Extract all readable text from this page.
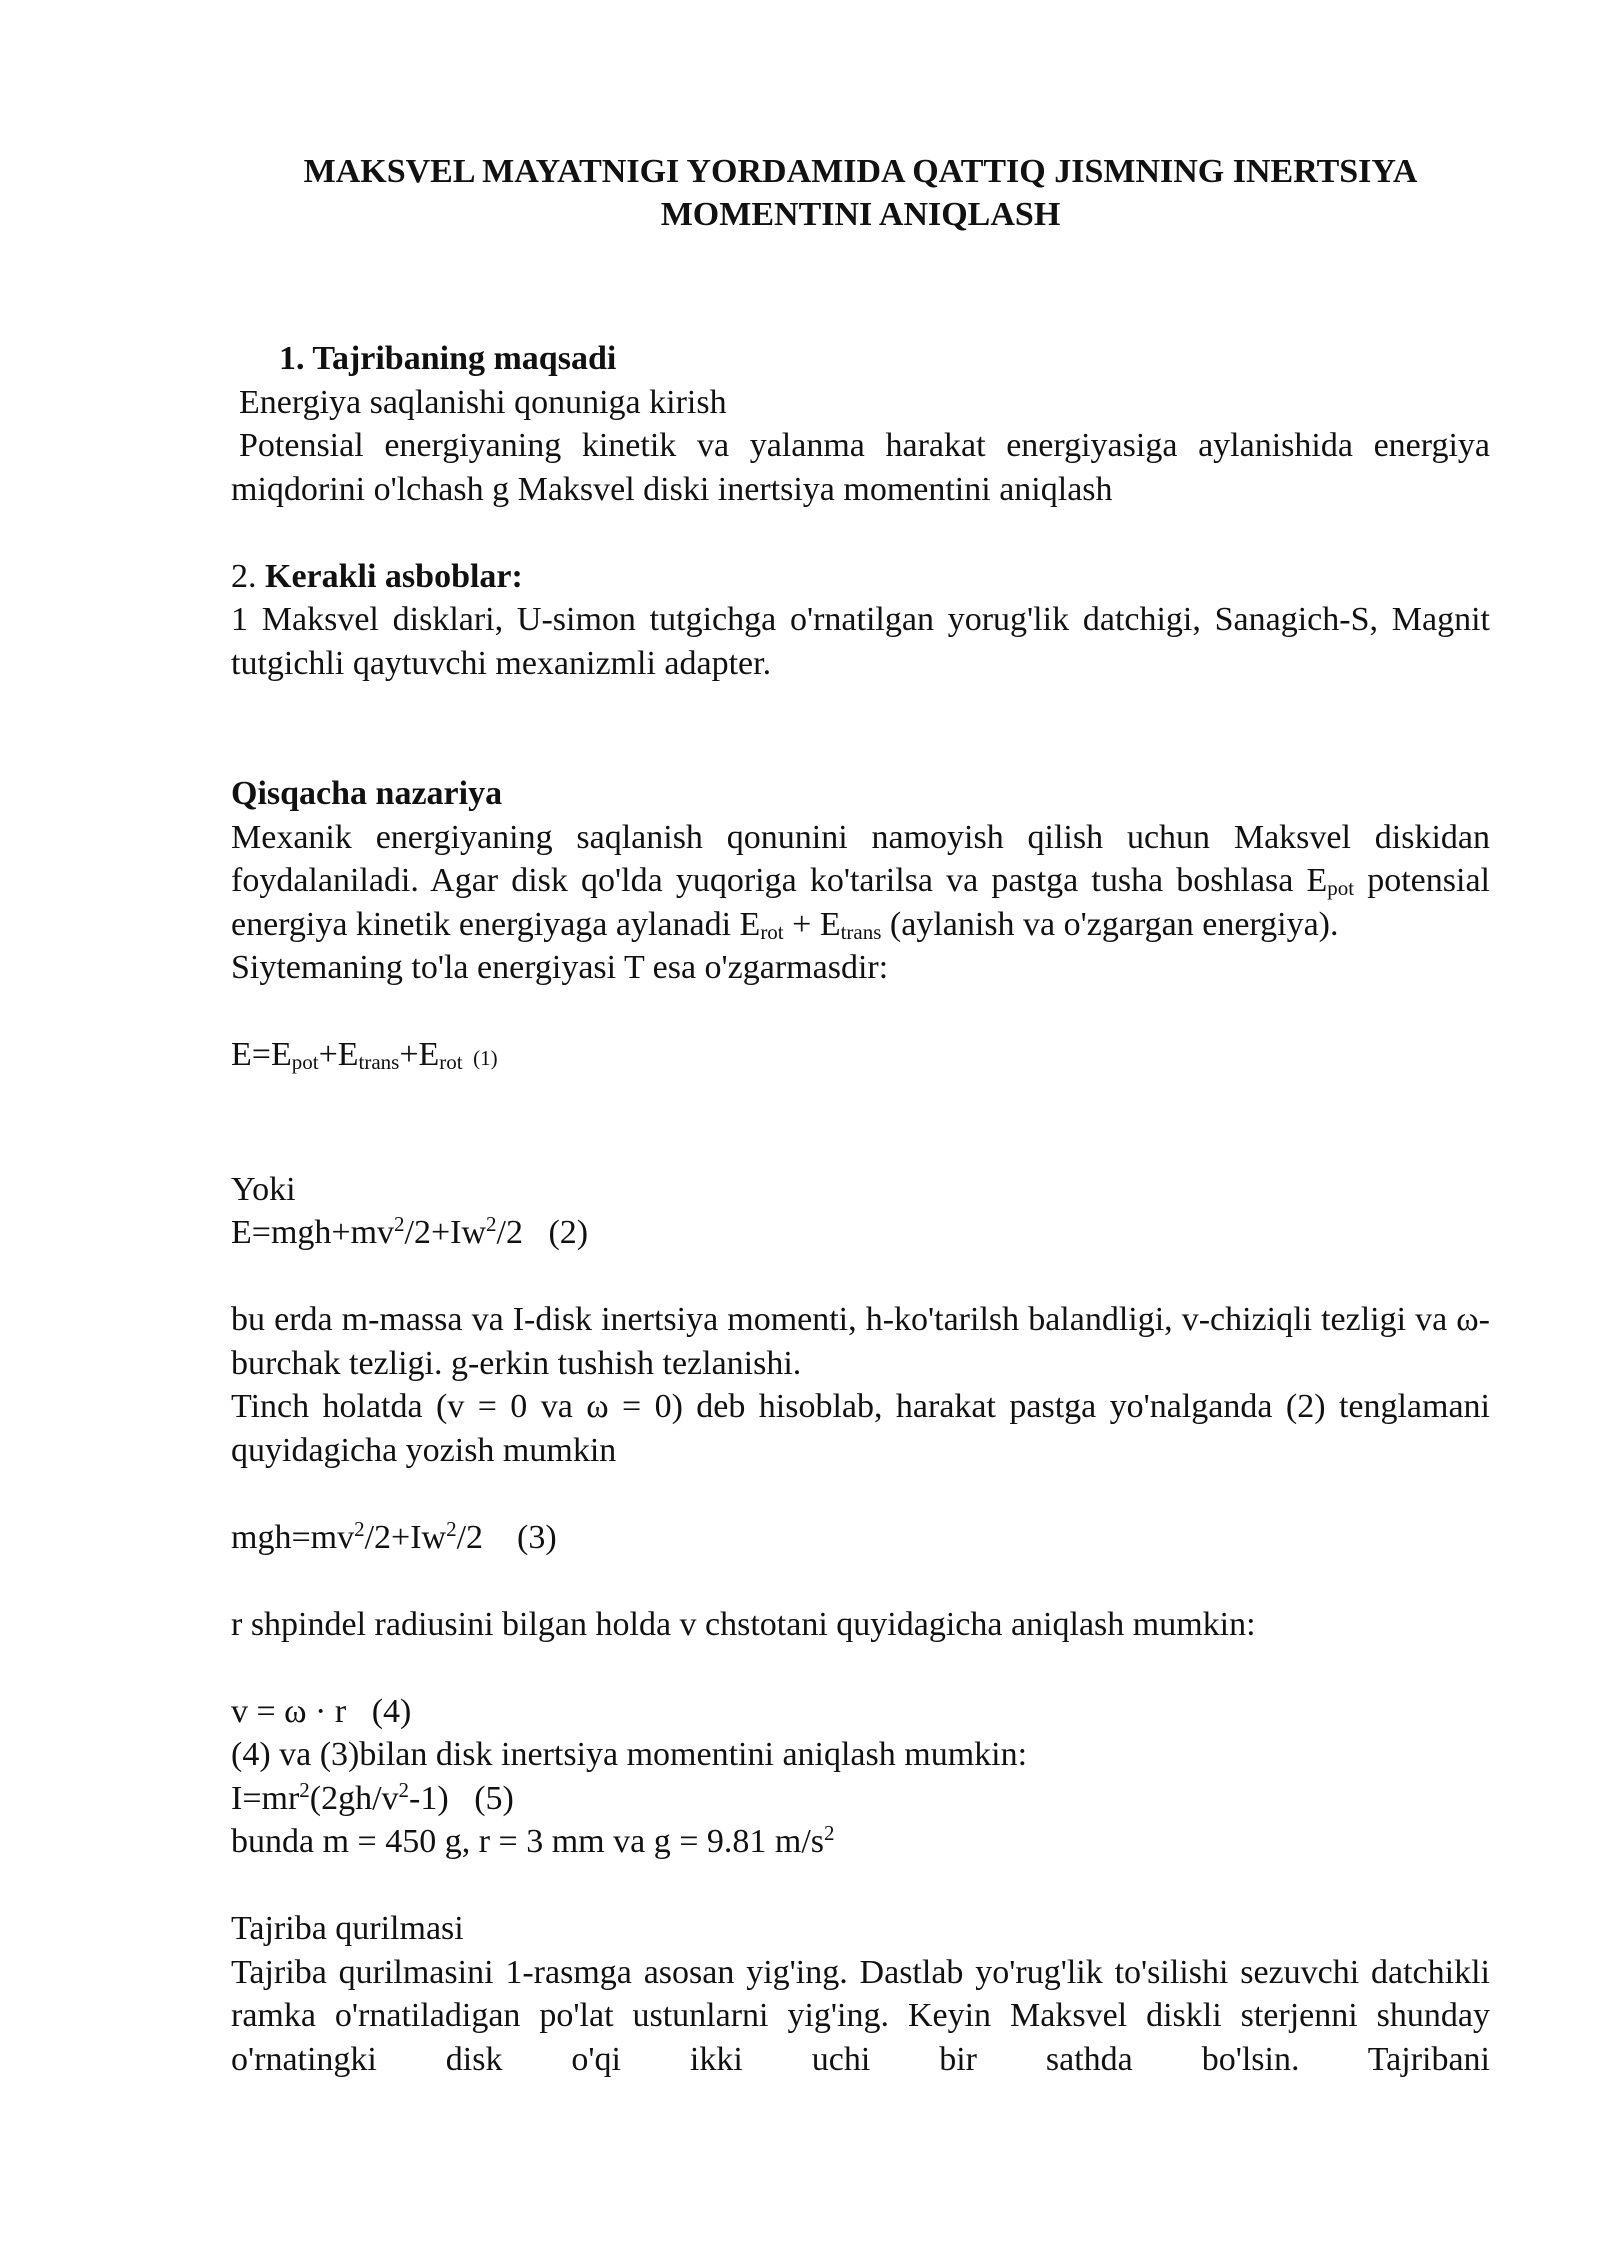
MAKSVEL MAYATNIGI YORDAMIDA QATTIQ JISMNING INERTSIYA
MOMENTINI ANIQLASH

1. Tajribaning maqsadi

Energiya saqlanishi qonuniga kirish

Potensial energiyaning kinetik va yalanma harakat energiyasiga aylanishida energiya miqdorini o'lchash g Maksvel diski inertsiya momentini aniqlash

2. Kerakli asboblar:

1 Maksvel disklari, U-simon tutgichga o'rnatilgan yorug'lik datchigi, Sanagich-S, Magnit tutgichli qaytuvchi mexanizmli adapter.

Qisqacha nazariya

Mexanik energiyaning saqlanish qonunini namoyish qilish uchun Maksvel diskidan foydalaniladi. Agar disk qo'lda yuqoriga ko'tarilsa va pastga tusha boshlasa $E_{pot}$ potensial energiya kinetik energiyaga aylanadi $E_{rot} + E_{trans}$ (aylanish va o'zgargan energiya).

Siytemaning to'la energiyasi T esa o'zgarmasdir:

$E=E_{pot}+E_{trans}+E_{rot}$  (1)

Yoki

$E=mgh+mv^2/2+Iw^2/2$   (2)

bu erda m-massa va I-disk inertsiya momenti, h-ko'tarilsh balandligi, v-chiziqli tezligi va ω-burchak tezligi. g-erkin tushish tezlanishi.

Tinch holatda (v = 0 va ω = 0) deb hisoblab, harakat pastga yo'nalganda (2) tenglamani quyidagicha yozish mumkin

$mgh=mv^2/2+Iw^2/2$    (3)

r shpindel radiusini bilgan holda v chstotani quyidagicha aniqlash mumkin:

v = ω · r   (4)

(4) va (3)bilan disk inertsiya momentini aniqlash mumkin:

$I=mr^2(2gh/v^2-1)$   (5)

bunda m = 450 g, r = 3 mm va g = 9.81 $m/s^2$

Tajriba qurilmasi

Tajriba qurilmasini 1-rasmga asosan yig'ing. Dastlab yo'rug'lik to'silishi sezuvchi datchikli ramka o'rnatiladigan po'lat ustunlarni yig'ing. Keyin Maksvel diskli sterjenni shunday o'rnatingki disk o'qi ikki uchi bir sathda bo'lsin. Tajribani
